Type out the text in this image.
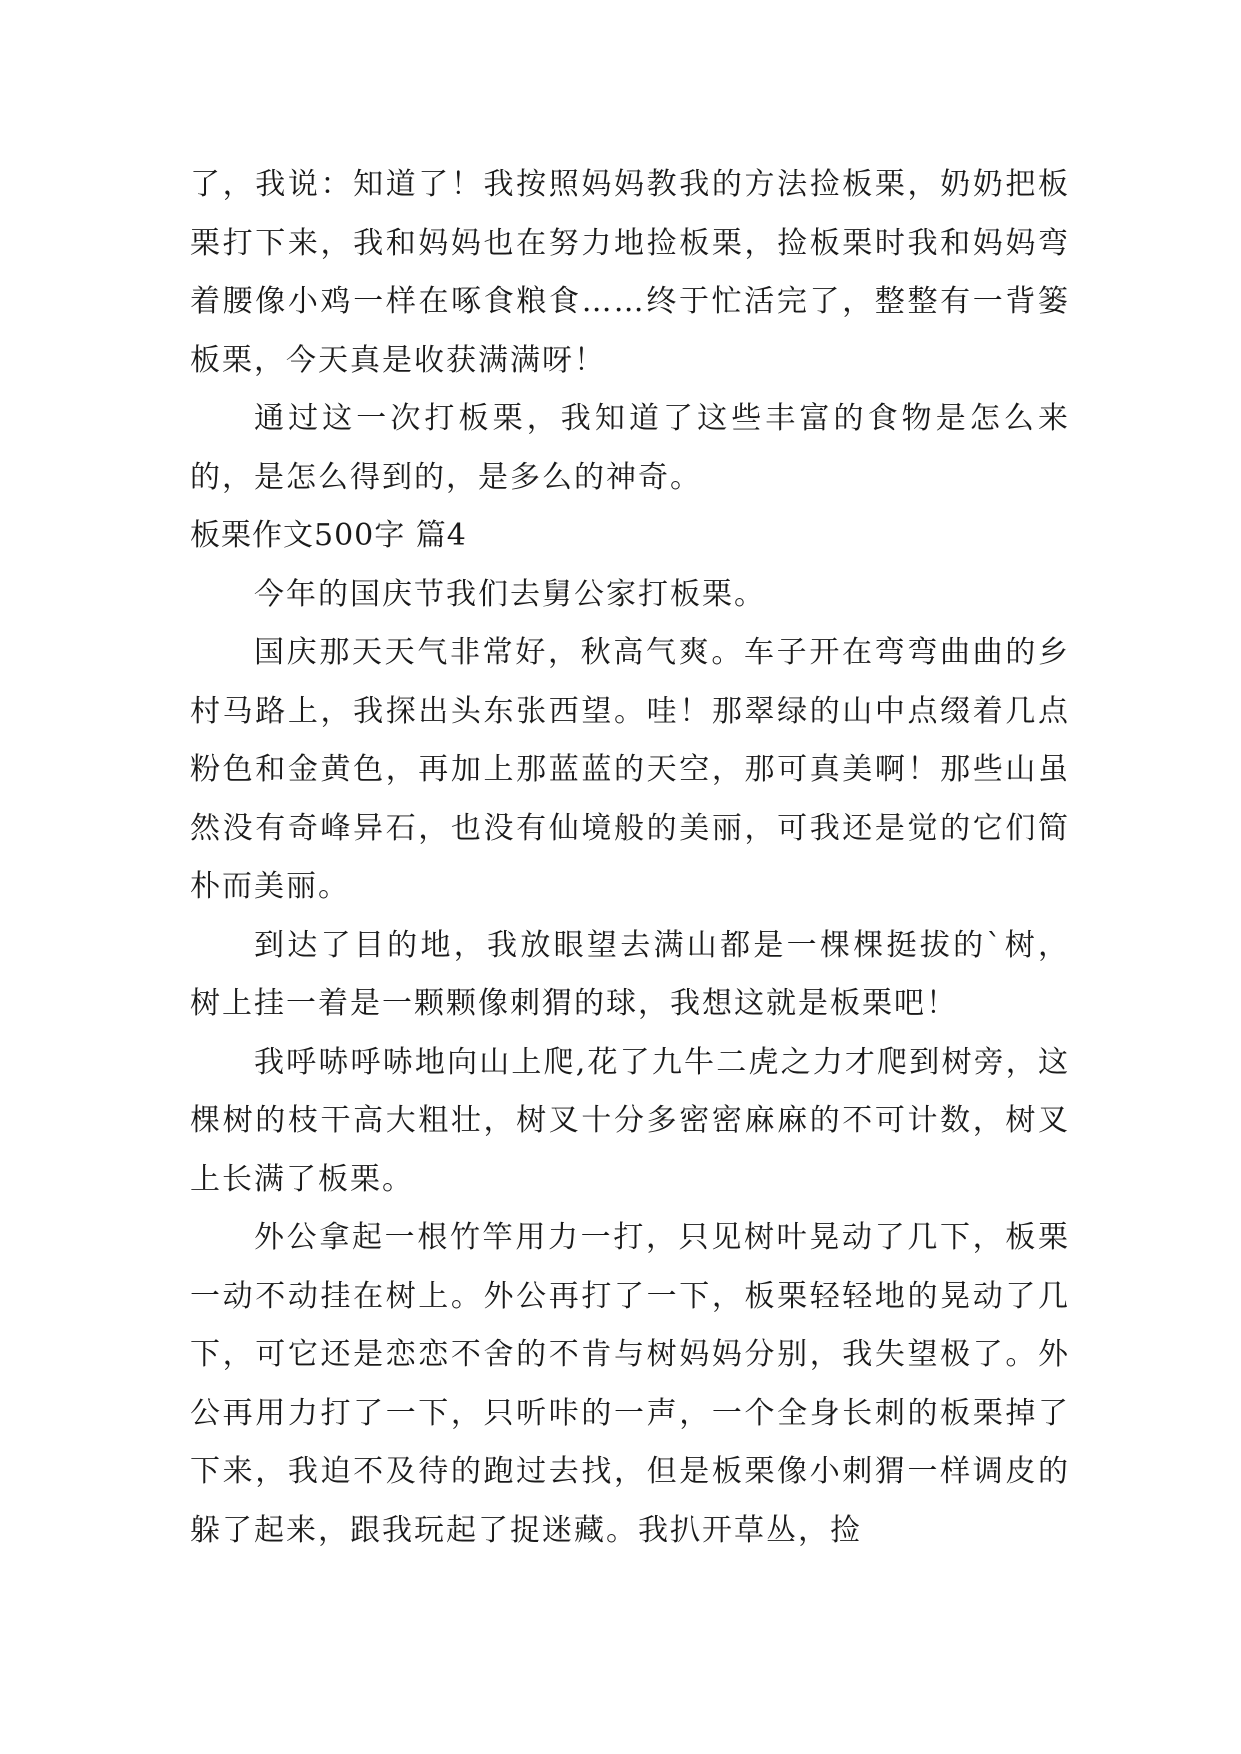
了，我说：知道了！我按照妈妈教我的方法捡板栗，奶奶把板栗打下来，我和妈妈也在努力地捡板栗，捡板栗时我和妈妈弯着腰像小鸡一样在啄食粮食……终于忙活完了，整整有一背篓板栗，今天真是收获满满呀！

通过这一次打板栗，我知道了这些丰富的食物是怎么来的，是怎么得到的，是多么的神奇。

板栗作文500字 篇4

今年的国庆节我们去舅公家打板栗。

国庆那天天气非常好，秋高气爽。车子开在弯弯曲曲的乡村马路上，我探出头东张西望。哇！那翠绿的山中点缀着几点粉色和金黄色，再加上那蓝蓝的天空，那可真美啊！那些山虽然没有奇峰异石，也没有仙境般的美丽，可我还是觉的它们简朴而美丽。

到达了目的地，我放眼望去满山都是一棵棵挺拔的`树，树上挂一着是一颗颗像刺猬的球，我想这就是板栗吧！

我呼哧呼哧地向山上爬,花了九牛二虎之力才爬到树旁，这棵树的枝干高大粗壮，树叉十分多密密麻麻的不可计数，树叉上长满了板栗。

外公拿起一根竹竿用力一打，只见树叶晃动了几下，板栗一动不动挂在树上。外公再打了一下，板栗轻轻地的晃动了几下，可它还是恋恋不舍的不肯与树妈妈分别，我失望极了。外公再用力打了一下，只听咔的一声，一个全身长刺的板栗掉了下来，我迫不及待的跑过去找，但是板栗像小刺猬一样调皮的躲了起来，跟我玩起了捉迷藏。我扒开草丛，捡
